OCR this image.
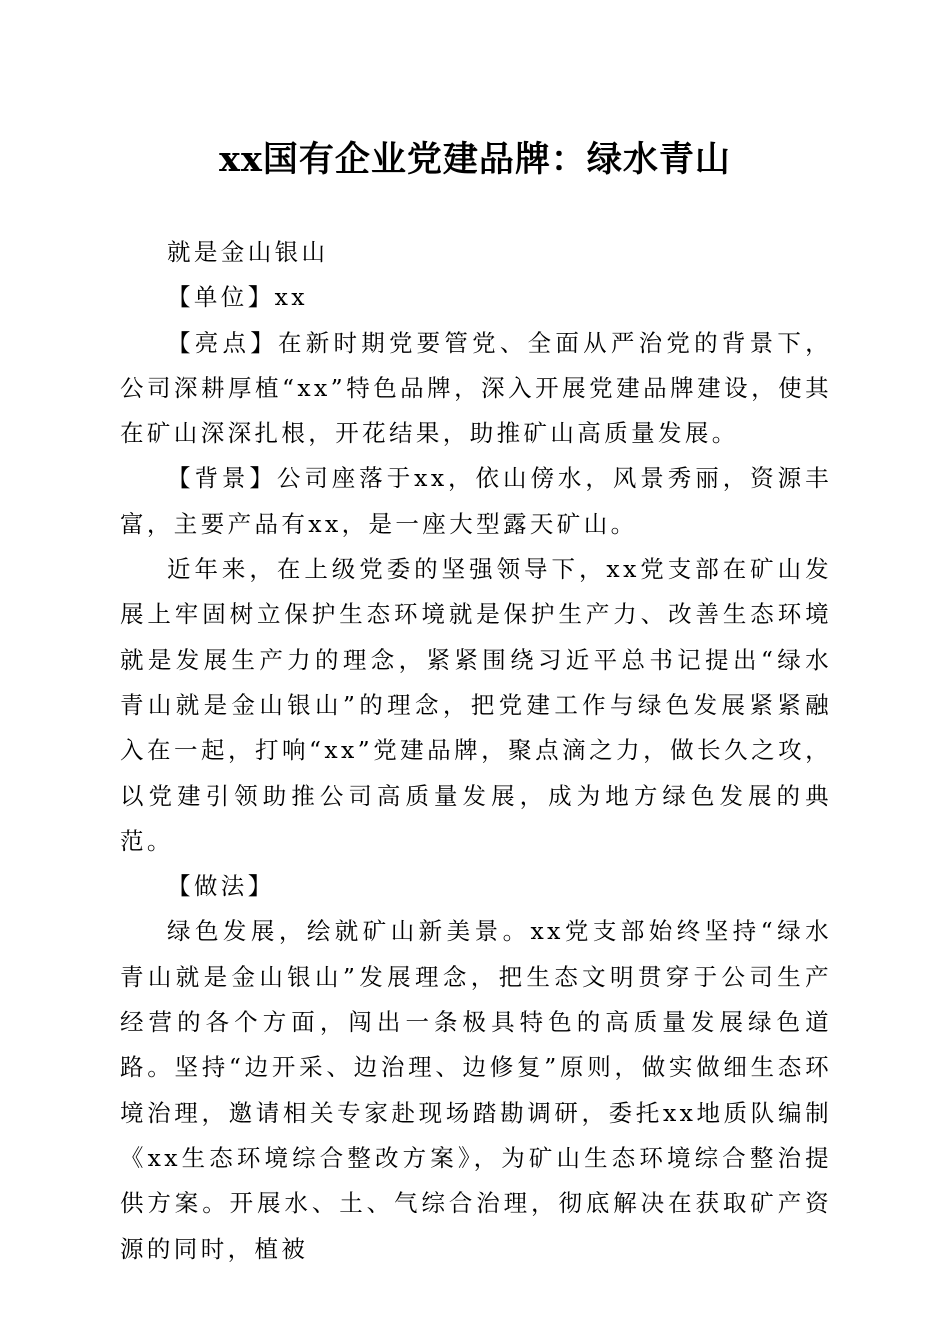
xx国有企业党建品牌：绿水青山

就是金山银山

【单位】xx

【亮点】在新时期党要管党、全面从严治党的背景下，公司深耕厚植“xx”特色品牌，深入开展党建品牌建设，使其在矿山深深扎根，开花结果，助推矿山高质量发展。

【背景】公司座落于xx，依山傍水，风景秀丽，资源丰富，主要产品有xx，是一座大型露天矿山。

近年来，在上级党委的坚强领导下，xx党支部在矿山发展上牢固树立保护生态环境就是保护生产力、改善生态环境就是发展生产力的理念，紧紧围绕习近平总书记提出“绿水青山就是金山银山”的理念，把党建工作与绿色发展紧紧融入在一起，打响“xx”党建品牌，聚点滴之力，做长久之攻，以党建引领助推公司高质量发展，成为地方绿色发展的典范。

【做法】

绿色发展，绘就矿山新美景。xx党支部始终坚持“绿水青山就是金山银山”发展理念，把生态文明贯穿于公司生产经营的各个方面，闯出一条极具特色的高质量发展绿色道路。坚持“边开采、边治理、边修复”原则，做实做细生态环境治理，邀请相关专家赴现场踏勘调研，委托xx地质队编制《xx生态环境综合整改方案》，为矿山生态环境综合整治提供方案。开展水、土、气综合治理，彻底解决在获取矿产资源的同时，植被
